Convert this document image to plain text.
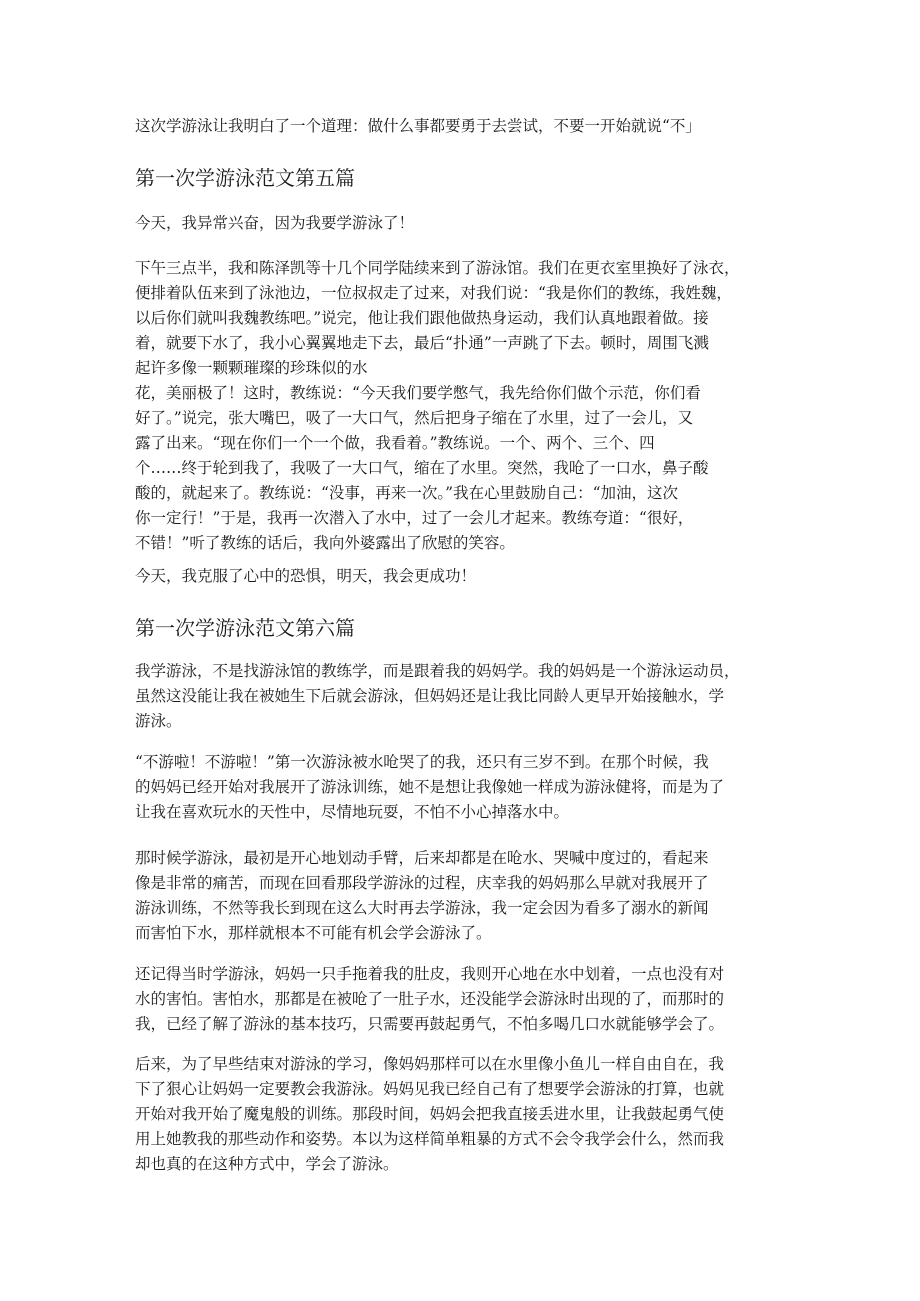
这次学游泳让我明白了一个道理：做什么事都要勇于去尝试，不要一开始就说“不」
第一次学游泳范文第五篇
今天，我异常兴奋，因为我要学游泳了！
下午三点半，我和陈泽凯等十几个同学陆续来到了游泳馆。我们在更衣室里换好了泳衣，
便排着队伍来到了泳池边，一位叔叔走了过来，对我们说：“我是你们的教练，我姓魏，
以后你们就叫我魏教练吧。”说完，他让我们跟他做热身运动，我们认真地跟着做。接
着，就要下水了，我小心翼翼地走下去，最后“扑通”一声跳了下去。顿时，周围飞溅
起许多像一颗颗璀璨的珍珠似的水
花，美丽极了！这时，教练说：“今天我们要学憋气，我先给你们做个示范，你们看
好了。”说完，张大嘴巴，吸了一大口气，然后把身子缩在了水里，过了一会儿，又
露了出来。“现在你们一个一个做，我看着。”教练说。一个、两个、三个、四
个……终于轮到我了，我吸了一大口气，缩在了水里。突然，我呛了一口水，鼻子酸
酸的，就起来了。教练说：“没事，再来一次。”我在心里鼓励自己：“加油，这次
你一定行！”于是，我再一次潜入了水中，过了一会儿才起来。教练夸道：“很好，
不错！”听了教练的话后，我向外婆露出了欣慰的笑容。
今天，我克服了心中的恐惧，明天，我会更成功！
第一次学游泳范文第六篇
我学游泳，不是找游泳馆的教练学，而是跟着我的妈妈学。我的妈妈是一个游泳运动员，
虽然这没能让我在被她生下后就会游泳，但妈妈还是让我比同龄人更早开始接触水，学
游泳。
“不游啦！不游啦！”第一次游泳被水呛哭了的我，还只有三岁不到。在那个时候，我
的妈妈已经开始对我展开了游泳训练，她不是想让我像她一样成为游泳健将，而是为了
让我在喜欢玩水的天性中，尽情地玩耍，不怕不小心掉落水中。
那时候学游泳，最初是开心地划动手臂，后来却都是在呛水、哭喊中度过的，看起来
像是非常的痛苦，而现在回看那段学游泳的过程，庆幸我的妈妈那么早就对我展开了
游泳训练，不然等我长到现在这么大时再去学游泳，我一定会因为看多了溺水的新闻
而害怕下水，那样就根本不可能有机会学会游泳了。
还记得当时学游泳，妈妈一只手拖着我的肚皮，我则开心地在水中划着，一点也没有对
水的害怕。害怕水，那都是在被呛了一肚子水，还没能学会游泳时出现的了，而那时的
我，已经了解了游泳的基本技巧，只需要再鼓起勇气，不怕多喝几口水就能够学会了。
后来，为了早些结束对游泳的学习，像妈妈那样可以在水里像小鱼儿一样自由自在，我
下了狠心让妈妈一定要教会我游泳。妈妈见我已经自己有了想要学会游泳的打算，也就
开始对我开始了魔鬼般的训练。那段时间，妈妈会把我直接丢进水里，让我鼓起勇气使
用上她教我的那些动作和姿势。本以为这样简单粗暴的方式不会令我学会什么，然而我
却也真的在这种方式中，学会了游泳。
